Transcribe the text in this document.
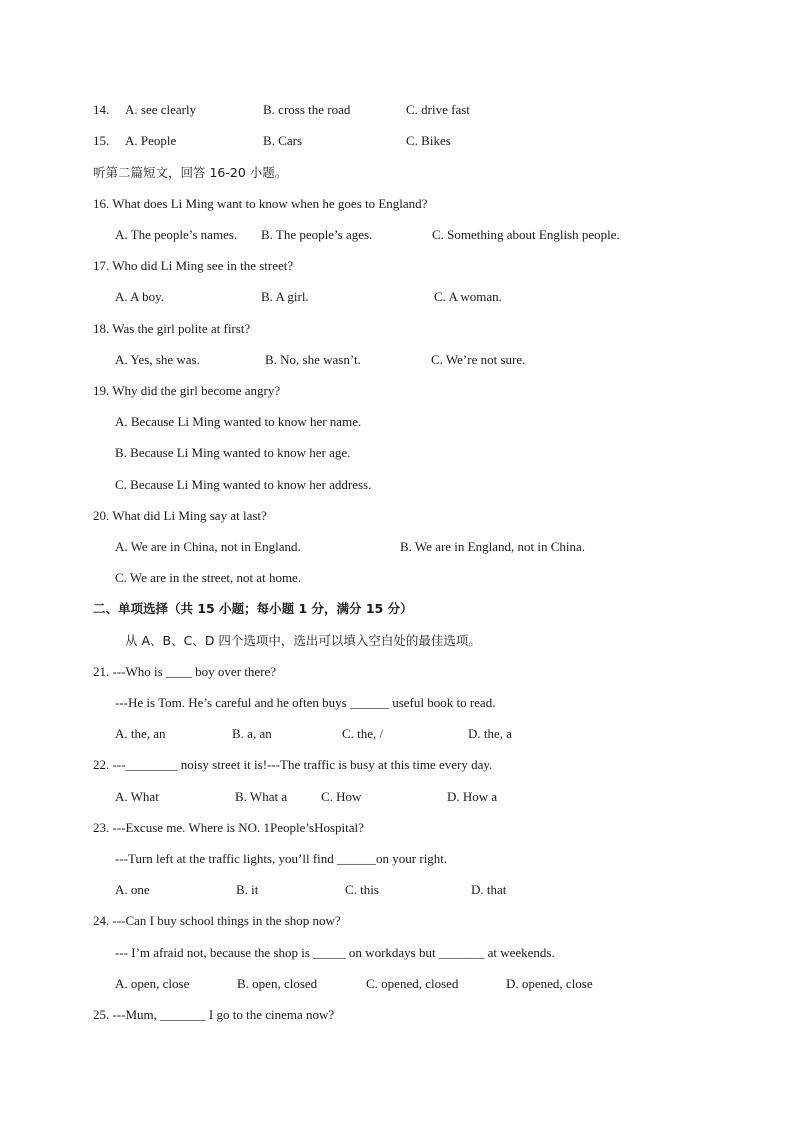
14. A. see clearly	B. cross the road	C. drive fast
15. A. People	B. Cars	C. Bikes
听第二篇短文，回答 16-20 小题。
16. What does Li Ming want to know when he goes to England?
A. The people’s names. B. The people’s ages.	C. Something about English people.
17. Who did Li Ming see in the street?
A. A boy.	B. A girl.	C. A woman.
18. Was the girl polite at first?
A. Yes, she was.	B. No, she wasn’t.	C. We’re not sure.
19. Why did the girl become angry?
A. Because Li Ming wanted to know her name.
B. Because Li Ming wanted to know her age.
C. Because Li Ming wanted to know her address.
20. What did Li Ming say at last?
A. We are in China, not in England.	B. We are in England, not in China.
C. We are in the street, not at home.
二、单项选择（共 15 小题；每小题 1 分，满分 15 分）
从 A、B、C、D 四个选项中，选出可以填入空白处的最佳选项。
21. ---Who is ____ boy over there?
---He is Tom. He’s careful and he often buys ______ useful book to read.
A. the, an	B. a, an	C. the, /	D. the, a
22. ---________ noisy street it is!---The traffic is busy at this time every day.
A. What	B. What a	C. How	D. How a
23. ---Excuse me. Where is NO. 1People’sHospital?
---Turn left at the traffic lights, you’ll find ______on your right.
A. one	B. it	C. this	D. that
24. ---Can I buy school things in the shop now?
--- I’m afraid not, because the shop is _____ on workdays but _______ at weekends.
A. open, close	B. open, closed	C. opened, closed	D. opened, close
25. ---Mum, _______ I go to the cinema now?
